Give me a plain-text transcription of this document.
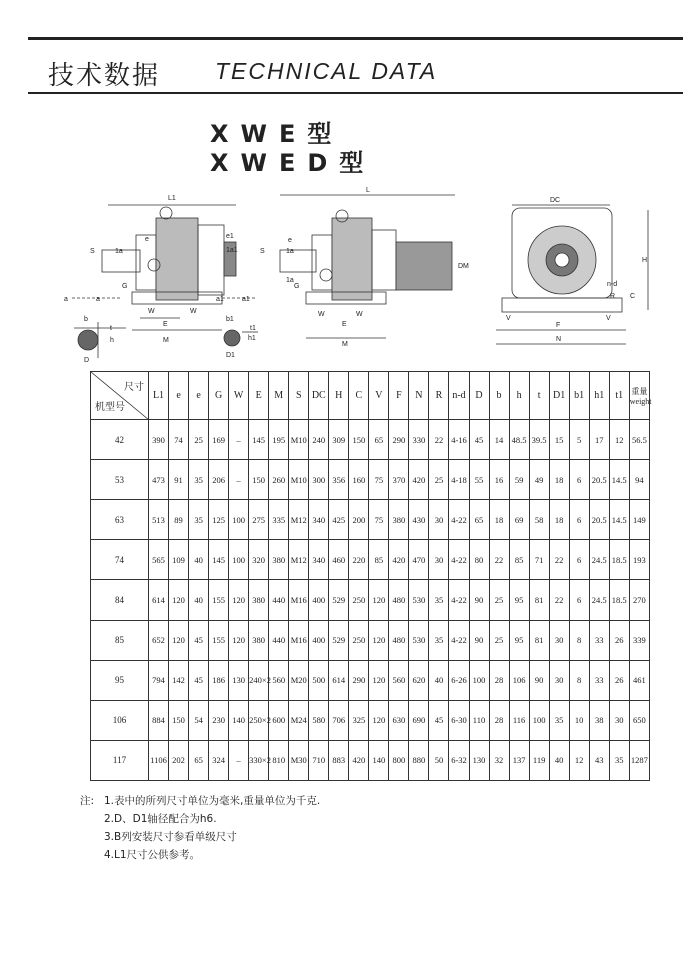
技术数据 TECHNICAL DATA
XWE型
XWED型
L1
e
1a
e1
1a1
S
G
W	W
E
M
a	a	a1	a1
b	b1
D
D1
h	h1
t	t1
L
e
S	1a
1a
DM
G
W	W
E
M
DC
H
n-d
R C
V	V
F
N
尺寸
机型号	L1	e	e	G	W	E	M	S	DC	H	C	V	F	N	R	n-d	D	b	h	t	D1	b1	h1	t1	重量 weight
42	390	74	25	169	–	145	195	M10	240	309	150	65	290	330	22	4-16	45	14	48.5	39.5	15	5	17	12	56.5
53	473	91	35	206	–	150	260	M10	300	356	160	75	370	420	25	4-18	55	16	59	49	18	6	20.5	14.5	94
63	513	89	35	125	100	275	335	M12	340	425	200	75	380	430	30	4-22	65	18	69	58	18	6	20.5	14.5	149
74	565	109	40	145	100	320	380	M12	340	460	220	85	420	470	30	4-22	80	22	85	71	22	6	24.5	18.5	193
84	614	120	40	155	120	380	440	M16	400	529	250	120	480	530	35	4-22	90	25	95	81	22	6	24.5	18.5	270
85	652	120	45	155	120	380	440	M16	400	529	250	120	480	530	35	4-22	90	25	95	81	30	8	33	26	339
95	794	142	45	186	130	240×2	560	M20	500	614	290	120	560	620	40	6-26	100	28	106	90	30	8	33	26	461
106	884	150	54	230	140	250×2	600	M24	580	706	325	120	630	690	45	6-30	110	28	116	100	35	10	38	30	650
117	1106	202	65	324	–	330×2	810	M30	710	883	420	140	800	880	50	6-32	130	32	137	119	40	12	43	35	1287
注: 1.表中的所列尺寸单位为毫米,重量单位为千克.
2.D、D1轴径配合为h6.
3.B列安装尺寸参看单级尺寸
4.L1尺寸公供参考。
